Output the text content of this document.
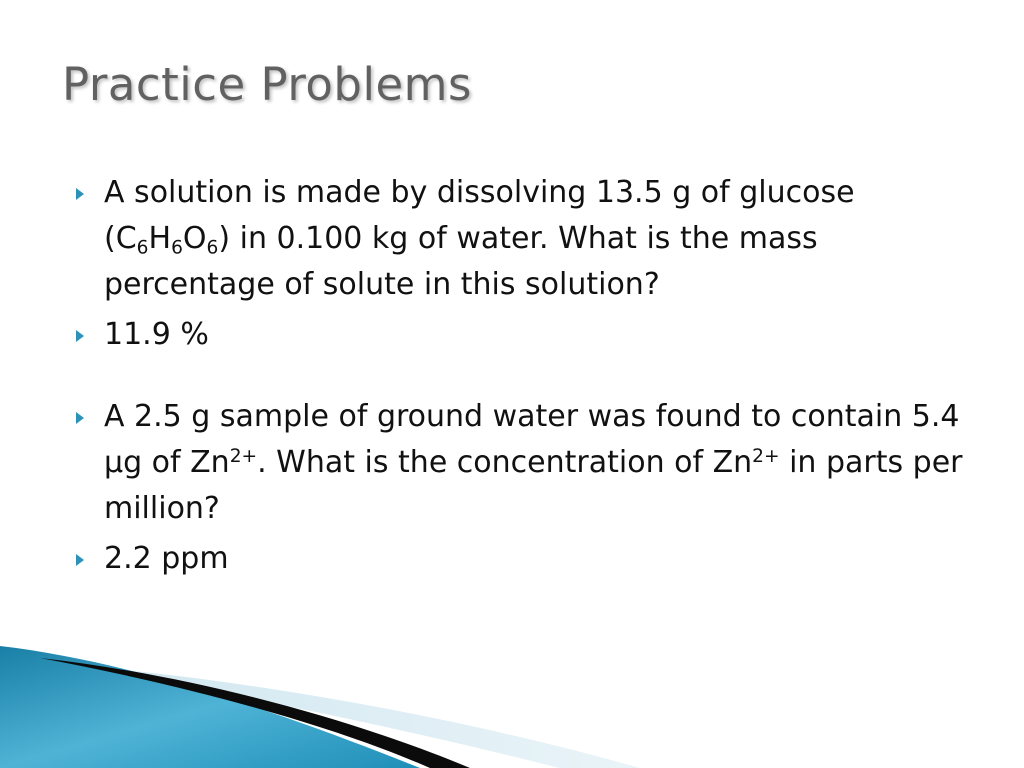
Practice Problems
A solution is made by dissolving 13.5 g of glucose $(C_6H_6O_6)$ in 0.100 kg of water. What is the mass percentage of solute in this solution?
11.9 %
A 2.5 g sample of ground water was found to contain 5.4 µg of $Zn^{2+}$. What is the concentration of $Zn^{2+}$ in parts per million?
2.2 ppm
